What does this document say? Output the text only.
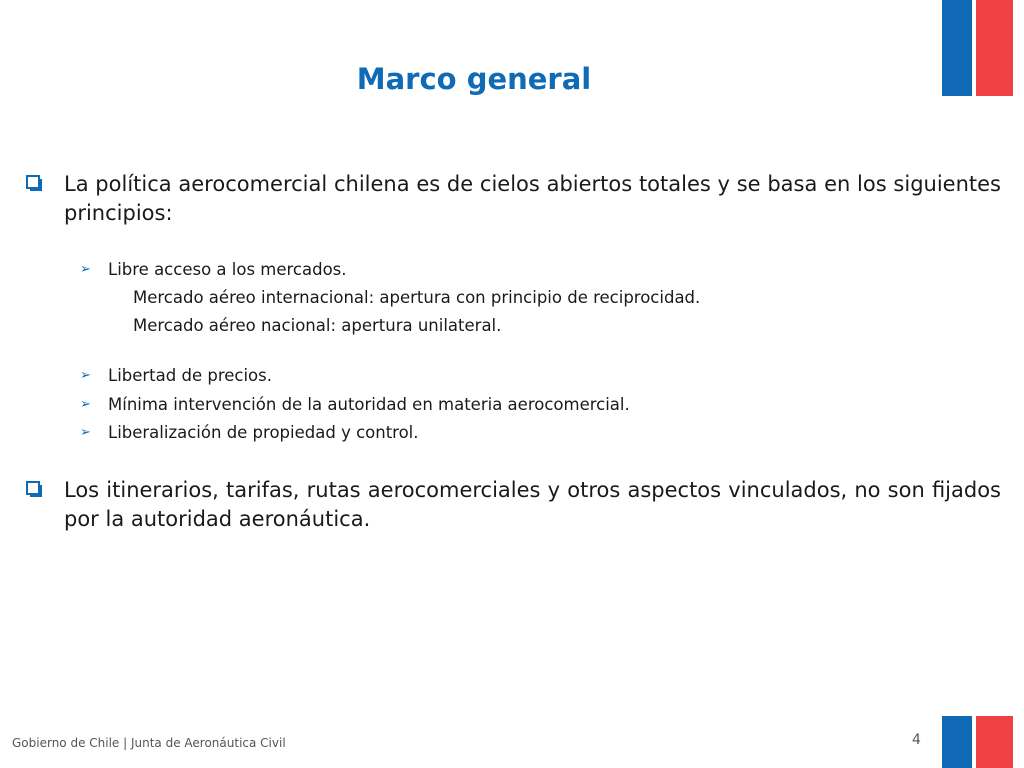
Marco general
La política aerocomercial chilena es de cielos abiertos totales y se basa en los siguientes principios:
➢	Libre acceso a los mercados.
Mercado aéreo internacional: apertura con principio de reciprocidad.
Mercado aéreo nacional: apertura unilateral.
➢	Libertad de precios.
➢	Mínima intervención de la autoridad en materia aerocomercial.
➢	Liberalización de propiedad y control.
Los itinerarios, tarifas, rutas aerocomerciales y otros aspectos vinculados, no son fijados por la autoridad aeronáutica.
Gobierno de Chile | Junta de Aeronáutica Civil	4
